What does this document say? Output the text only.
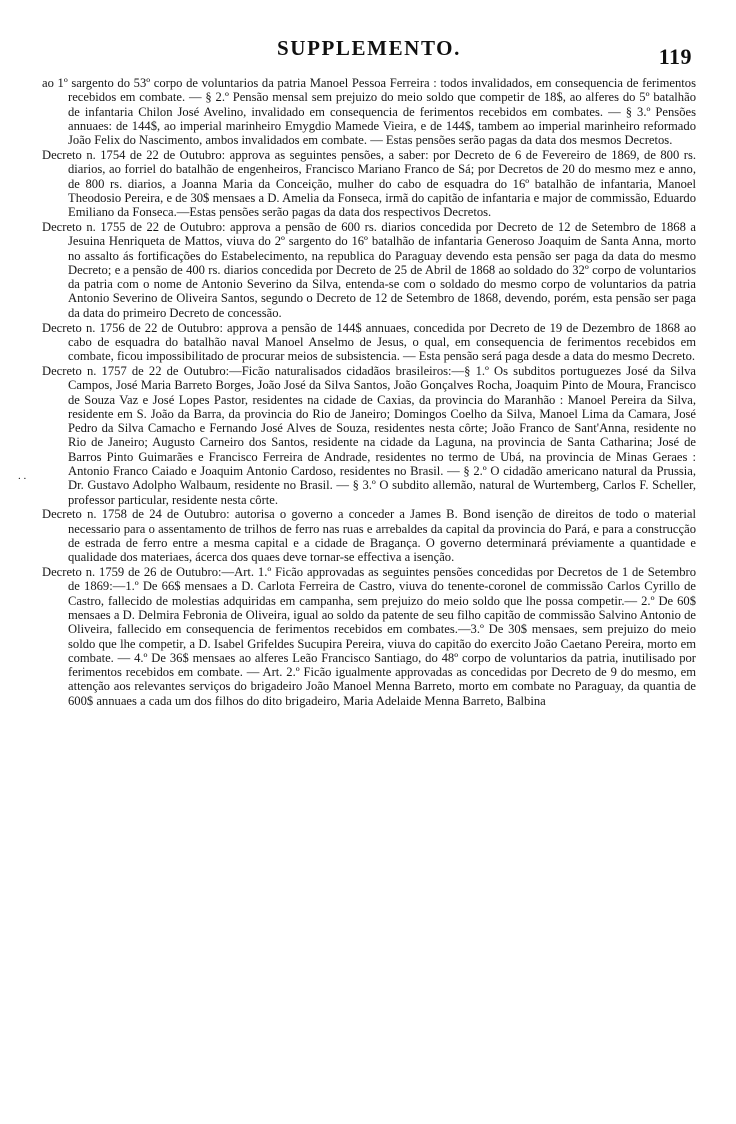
SUPPLEMENTO.	119
. .

ao 1º sargento do 53º corpo de voluntarios da patria Manoel Pessoa Ferreira : todos invalidados, em consequencia de ferimentos recebidos em combate. — § 2.º Pensão mensal sem prejuizo do meio soldo que competir de 18$, ao alferes do 5º batalhão de infantaria Chilon José Avelino, invalidado em consequencia de ferimentos recebidos em combates. — § 3.º Pensões annuaes: de 144$, ao imperial marinheiro Emygdio Mamede Vieira, e de 144$, tambem ao imperial marinheiro reformado João Felix do Nascimento, ambos invalidados em combate. — Estas pensões serão pagas da data dos mesmos Decretos.

Decreto n. 1754 de 22 de Outubro: approva as seguintes pensões, a saber: por Decreto de 6 de Fevereiro de 1869, de 800 rs. diarios, ao forriel do batalhão de engenheiros, Francisco Mariano Franco de Sá; por Decretos de 20 do mesmo mez e anno, de 800 rs. diarios, a Joanna Maria da Conceição, mulher do cabo de esquadra do 16º batalhão de infantaria, Manoel Theodosio Pereira, e de 30$ mensaes a D. Amelia da Fonseca, irmã do capitão de infantaria e major de commissão, Eduardo Emiliano da Fonseca.—Estas pensões serão pagas da data dos respectivos Decretos.

Decreto n. 1755 de 22 de Outubro: approva a pensão de 600 rs. diarios concedida por Decreto de 12 de Setembro de 1868 a Jesuina Henriqueta de Mattos, viuva do 2º sargento do 16º batalhão de infantaria Generoso Joaquim de Santa Anna, morto no assalto ás fortificações do Estabelecimento, na republica do Paraguay devendo esta pensão ser paga da data do mesmo Decreto; e a pensão de 400 rs. diarios concedida por Decreto de 25 de Abril de 1868 ao soldado do 32º corpo de voluntarios da patria com o nome de Antonio Severino da Silva, entenda-se com o soldado do mesmo corpo de voluntarios da patria Antonio Severino de Oliveira Santos, segundo o Decreto de 12 de Setembro de 1868, devendo, porém, esta pensão ser paga da data do primeiro Decreto de concessão.

Decreto n. 1756 de 22 de Outubro: approva a pensão de 144$ annuaes, concedida por Decreto de 19 de Dezembro de 1868 ao cabo de esquadra do batalhão naval Manoel Anselmo de Jesus, o qual, em consequencia de ferimentos recebidos em combate, ficou impossibilitado de procurar meios de subsistencia. — Esta pensão será paga desde a data do mesmo Decreto.

Decreto n. 1757 de 22 de Outubro:—Ficão naturalisados cidadãos brasileiros:—§ 1.º Os subditos portuguezes José da Silva Campos, José Maria Barreto Borges, João José da Silva Santos, João Gonçalves Rocha, Joaquim Pinto de Moura, Francisco de Souza Vaz e José Lopes Pastor, residentes na cidade de Caxias, da provincia do Maranhão : Manoel Pereira da Silva, residente em S. João da Barra, da provincia do Rio de Janeiro; Domingos Coelho da Silva, Manoel Lima da Camara, José Pedro da Silva Camacho e Fernando José Alves de Souza, residentes nesta côrte; João Franco de Sant'Anna, residente no Rio de Janeiro; Augusto Carneiro dos Santos, residente na cidade da Laguna, na provincia de Santa Catharina; José de Barros Pinto Guimarães e Francisco Ferreira de Andrade, residentes no termo de Ubá, na provincia de Minas Geraes : Antonio Franco Caiado e Joaquim Antonio Cardoso, residentes no Brasil. — § 2.º O cidadão americano natural da Prussia, Dr. Gustavo Adolpho Walbaum, residente no Brasil. — § 3.º O subdito allemão, natural de Wurtemberg, Carlos F. Scheller, professor particular, residente nesta côrte.

Decreto n. 1758 de 24 de Outubro: autorisa o governo a conceder a James B. Bond isenção de direitos de todo o material necessario para o assentamento de trilhos de ferro nas ruas e arrebaldes da capital da provincia do Pará, e para a construcção de estrada de ferro entre a mesma capital e a cidade de Bragança. O governo determinará préviamente a quantidade e qualidade dos materiaes, ácerca dos quaes deve tornar-se effectiva a isenção.

Decreto n. 1759 de 26 de Outubro:—Art. 1.º Ficão approvadas as seguintes pensões concedidas por Decretos de 1 de Setembro de 1869:—1.º De 66$ mensaes a D. Carlota Ferreira de Castro, viuva do tenente-coronel de commissão Carlos Cyrillo de Castro, fallecido de molestias adquiridas em campanha, sem prejuizo do meio soldo que lhe possa competir.— 2.º De 60$ mensaes a D. Delmira Febronia de Oliveira, igual ao soldo da patente de seu filho capitão de commissão Salvino Antonio de Oliveira, fallecido em consequencia de ferimentos recebidos em combates.—3.º De 30$ mensaes, sem prejuizo do meio soldo que lhe competir, a D. Isabel Grifeldes Sucupira Pereira, viuva do capitão do exercito João Caetano Pereira, morto em combate. — 4.º De 36$ mensaes ao alferes Leão Francisco Santiago, do 48º corpo de voluntarios da patria, inutilisado por ferimentos recebidos em combate. — Art. 2.º Ficão igualmente approvadas as concedidas por Decreto de 9 do mesmo, em attenção aos relevantes serviços do brigadeiro João Manoel Menna Barreto, morto em combate no Paraguay, da quantia de 600$ annuaes a cada um dos filhos do dito brigadeiro, Maria Adelaide Menna Barreto, Balbina
